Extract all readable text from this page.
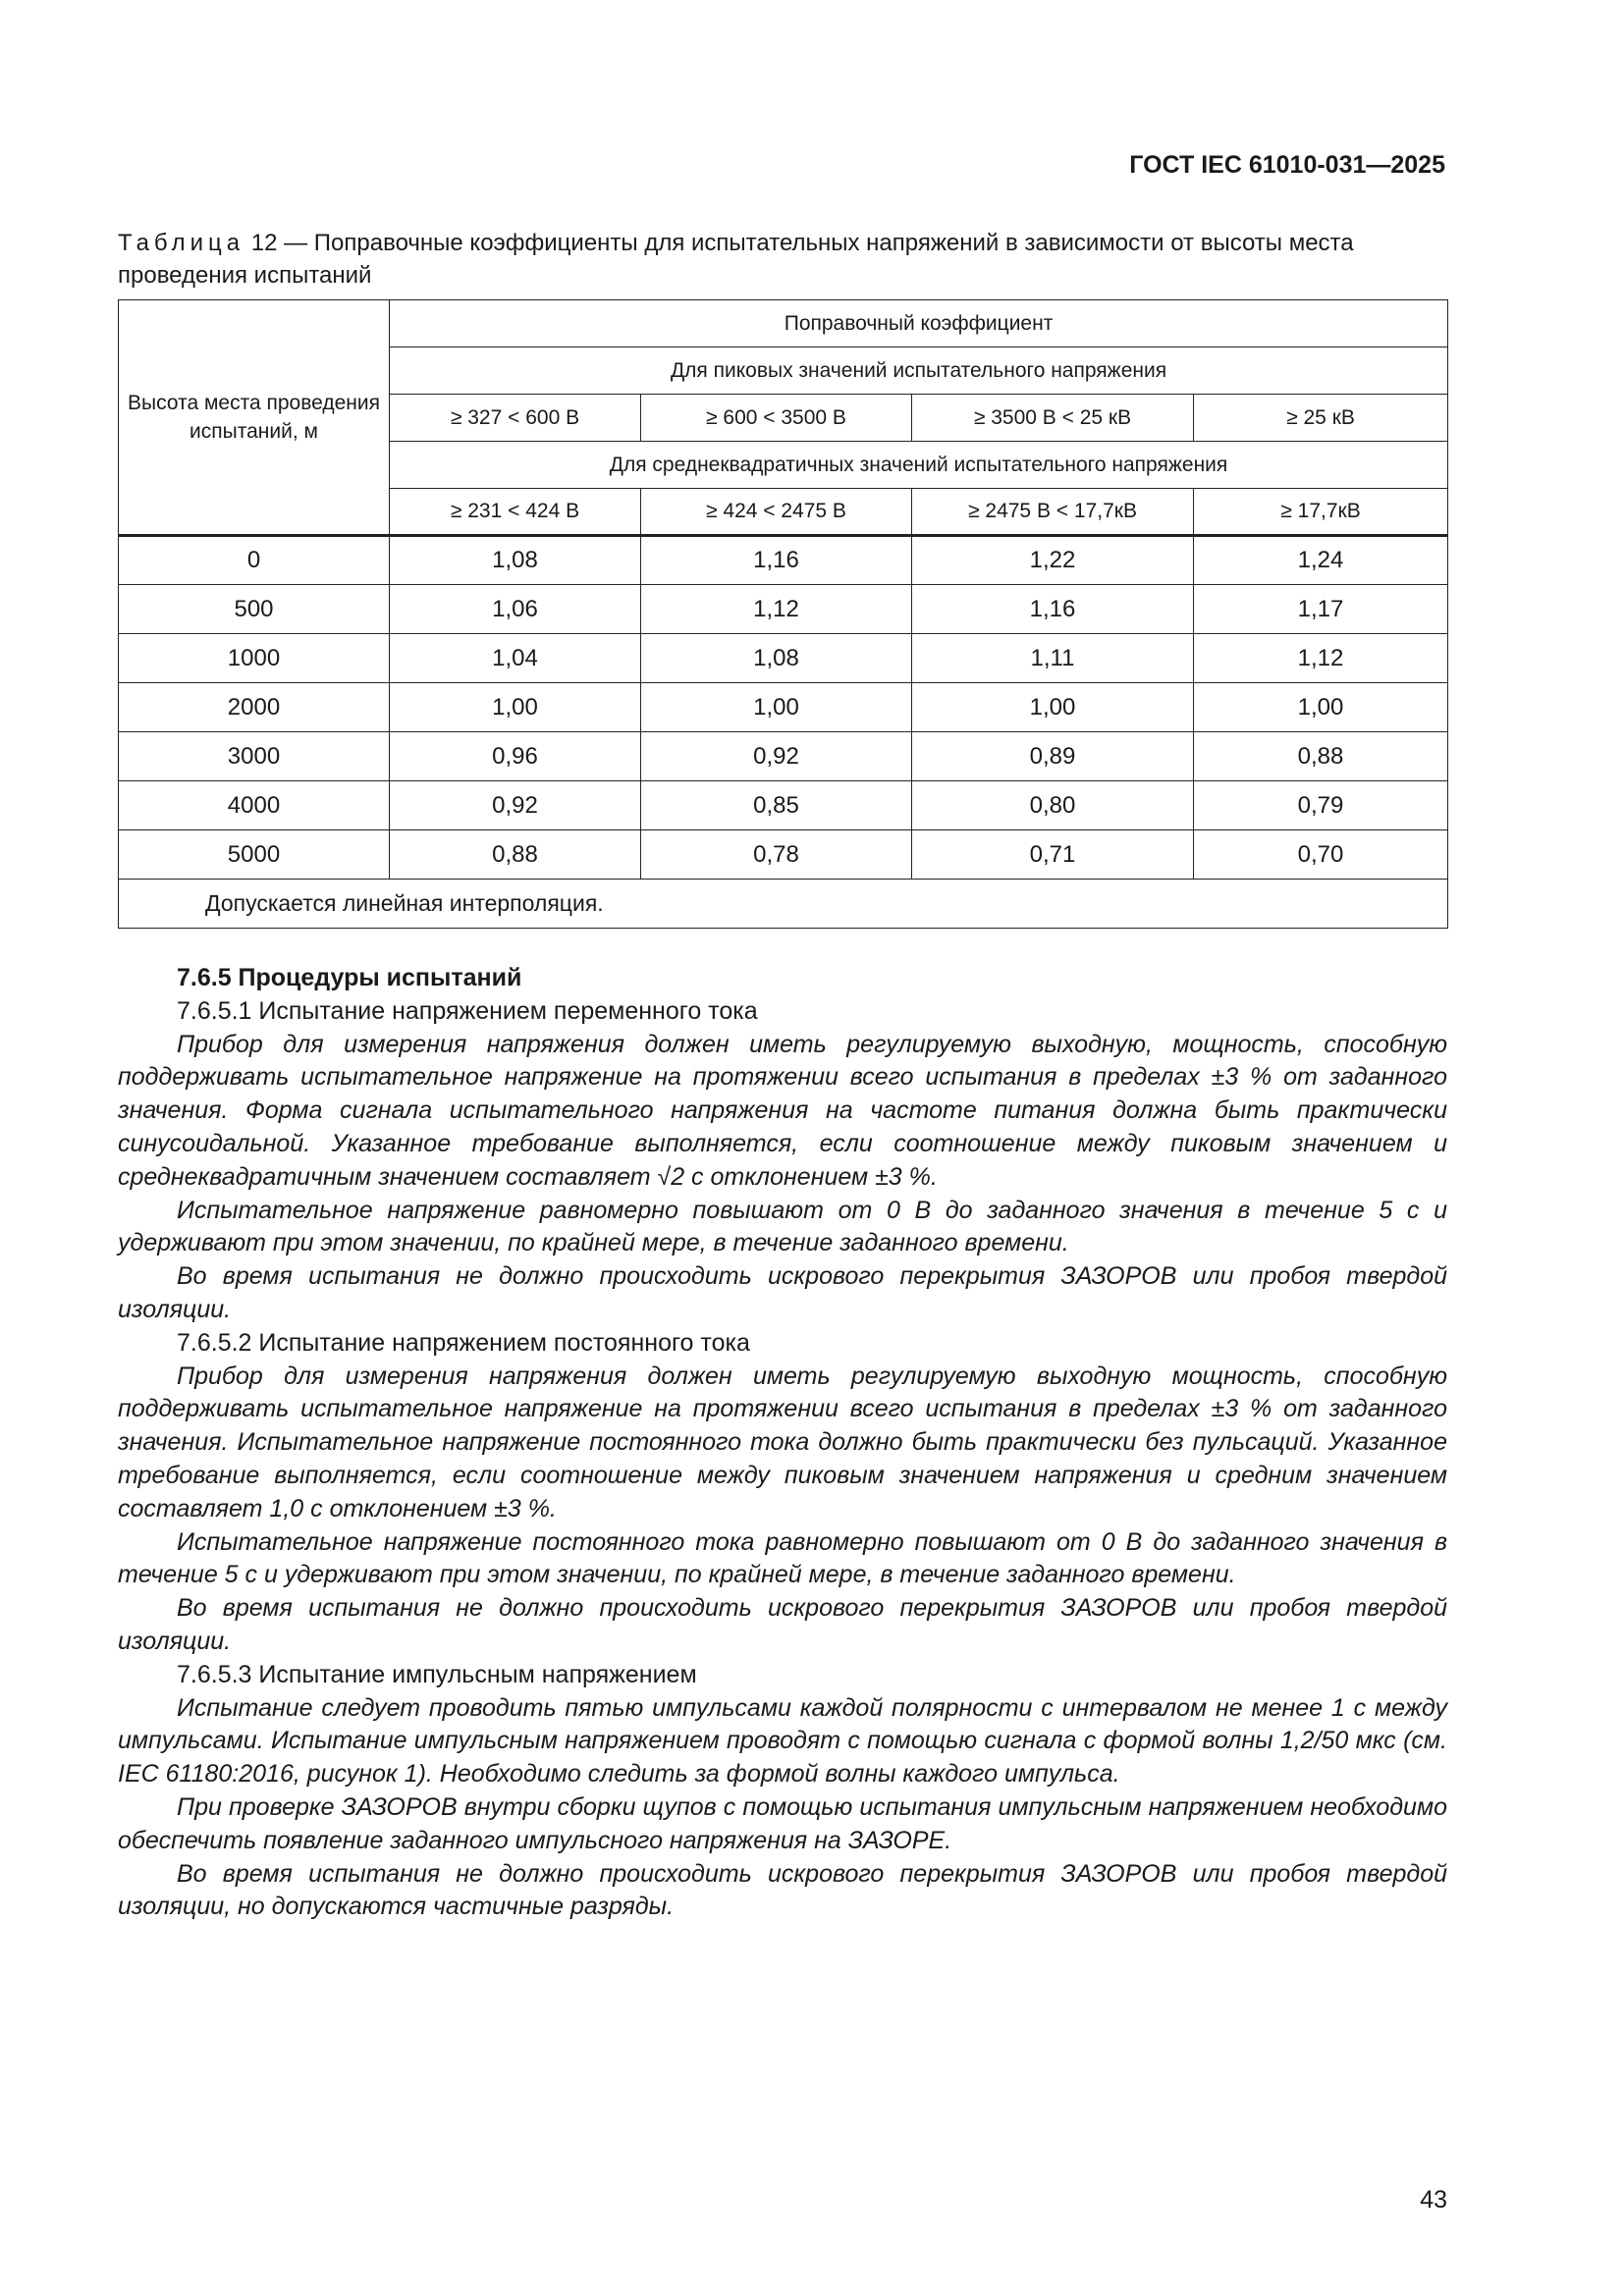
ГОСТ IEC 61010-031—2025
Таблица 12 — Поправочные коэффициенты для испытательных напряжений в зависимости от высоты места проведения испытаний
Высота места проведения испытаний, м	Поправочный коэффициент			
	Для пиковых значений испытательного напряжения			
	≥ 327 < 600 В	≥ 600 < 3500 В	≥ 3500 В < 25 кВ	≥ 25 кВ
	Для среднеквадратичных значений испытательного напряжения			
	≥ 231 < 424 В	≥ 424 < 2475 В	≥ 2475 В < 17,7кВ	≥ 17,7кВ
0	1,08	1,16	1,22	1,24
500	1,06	1,12	1,16	1,17
1000	1,04	1,08	1,11	1,12
2000	1,00	1,00	1,00	1,00
3000	0,96	0,92	0,89	0,88
4000	0,92	0,85	0,80	0,79
5000	0,88	0,78	0,71	0,70
Допускается линейная интерполяция.				

7.6.5 Процедуры испытаний

7.6.5.1 Испытание напряжением переменного тока

Прибор для измерения напряжения должен иметь регулируемую выходную, мощность, способную поддерживать испытательное напряжение на протяжении всего испытания в пределах ±3 % от заданного значения. Форма сигнала испытательного напряжения на частоте питания должна быть практически синусоидальной. Указанное требование выполняется, если соотношение между пиковым значением и среднеквадратичным значением составляет √2 с отклонением ±3 %.

Испытательное напряжение равномерно повышают от 0 В до заданного значения в течение 5 с и удерживают при этом значении, по крайней мере, в течение заданного времени.

Во время испытания не должно происходить искрового перекрытия ЗАЗОРОВ или пробоя твердой изоляции.

7.6.5.2 Испытание напряжением постоянного тока

Прибор для измерения напряжения должен иметь регулируемую выходную мощность, способную поддерживать испытательное напряжение на протяжении всего испытания в пределах ±3 % от заданного значения. Испытательное напряжение постоянного тока должно быть практически без пульсаций. Указанное требование выполняется, если соотношение между пиковым значением напряжения и средним значением составляет 1,0 с отклонением ±3 %.

Испытательное напряжение постоянного тока равномерно повышают от 0 В до заданного значения в течение 5 с и удерживают при этом значении, по крайней мере, в течение заданного времени.

Во время испытания не должно происходить искрового перекрытия ЗАЗОРОВ или пробоя твердой изоляции.

7.6.5.3 Испытание импульсным напряжением

Испытание следует проводить пятью импульсами каждой полярности с интервалом не менее 1 с между импульсами. Испытание импульсным напряжением проводят с помощью сигнала с формой волны 1,2/50 мкс (см. IEC 61180:2016, рисунок 1). Необходимо следить за формой волны каждого импульса.

При проверке ЗАЗОРОВ внутри сборки щупов с помощью испытания импульсным напряжением необходимо обеспечить появление заданного импульсного напряжения на ЗАЗОРЕ.

Во время испытания не должно происходить искрового перекрытия ЗАЗОРОВ или пробоя твердой изоляции, но допускаются частичные разряды.

43
